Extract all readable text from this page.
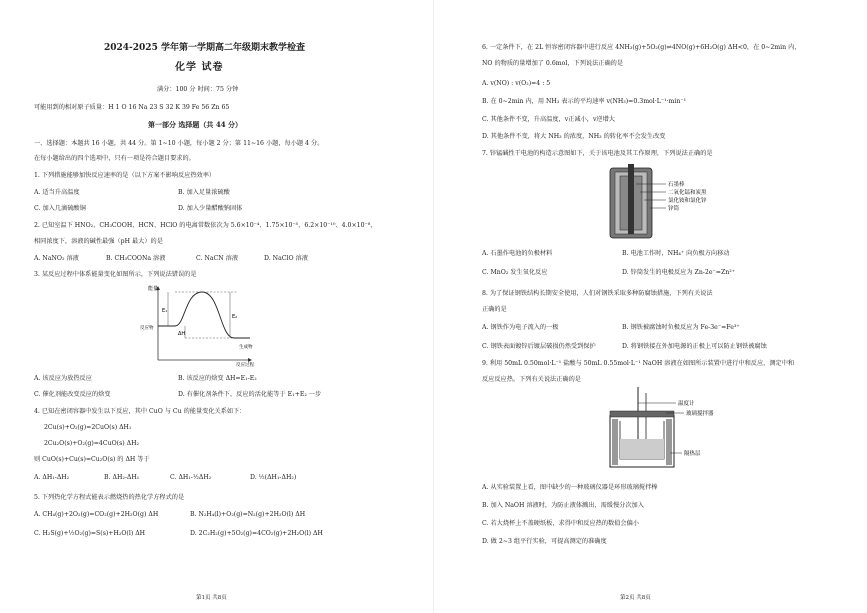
2024-2025 学年第一学期高二年级期末教学检查
化学 试卷
满分：100 分 时间：75 分钟
可能用到的相对原子质量：H 1 O 16 Na 23 S 32 K 39 Fe 56 Zn 65
第一部分 选择题（共 44 分）
一、选择题：本题共 16 小题，共 44 分。第 1~10 小题，每小题 2 分；第 11~16 小题，每小题 4 分。
在每小题给出的四个选项中，只有一项是符合题目要求的。
1. 下列措施能够加快反应速率的是（以下方案不影响反应热效率）
A. 适当升高温度	B. 加入足量浓硫酸
C. 加入几滴硫酸铜	D. 加入少量醋酸钠固体
2. 已知室温下 HNO₂、CH₃COOH、HCN、HClO 的电离常数依次为 5.6×10⁻⁴、1.75×10⁻⁵、6.2×10⁻¹⁰、4.0×10⁻⁸，
相同浓度下，溶液的碱性最强（pH 最大）的是
A. NaNO₂ 溶液	B. CH₃COONa 溶液	C. NaCN 溶液	D. NaClO 溶液
3. 某反应过程中体系能量变化如图所示，下列说法错误的是
能量
反应过程
E₁
E₂
ΔH
反应物
生成物
A. 该反应为放热反应	B. 该反应的焓变 ΔH=E₁-E₂
C. 催化剂能改变反应的焓变	D. 有催化剂条件下，反应的活化能等于 E₁+E₂ 一步
4. 已知在密闭容器中发生以下反应，其中 CuO 与 Cu 的能量变化关系如下：
2Cu(s)+O₂(g)=2CuO(s) ΔH₁
2Cu₂O(s)+O₂(g)=4CuO(s) ΔH₂
则 CuO(s)+Cu(s)=Cu₂O(s) 的 ΔH 等于
A. ΔH₁-ΔH₂	B. ΔH₂-ΔH₁	C. ΔH₁-½ΔH₂	D. ½(ΔH₁-ΔH₂)
5. 下列热化学方程式能表示燃烧热的热化学方程式的是
A. CH₄(g)+2O₂(g)=CO₂(g)+2H₂O(g) ΔH	B. N₂H₄(l)+O₂(g)=N₂(g)+2H₂O(l) ΔH
C. H₂S(g)+½O₂(g)=S(s)+H₂O(l) ΔH	D. 2C₂H₂(g)+5O₂(g)=4CO₂(g)+2H₂O(l) ΔH
第1页 共8页
6. 一定条件下，在 2L 恒容密闭容器中进行反应 4NH₃(g)+5O₂(g)⇌4NO(g)+6H₂O(g) ΔH<0，在 0~2min 内，
NO 的物质的量增加了 0.6mol，下列说法正确的是
A. v(NO) : v(O₂)=4 : 5
B. 在 0~2min 内，用 NH₃ 表示的平均速率 v(NH₃)=0.3mol·L⁻¹·min⁻¹
C. 其他条件不变，升高温度，v正减小，v逆增大
D. 其他条件不变，将大 NH₃ 的浓度，NH₃ 的转化率不会发生改变
7. 锌锰碱性干电池的构造示意图如下，关于该电池及其工作原理，下列说法正确的是
石墨棒
二氧化锰和炭黑
氯化铵和氯化锌
锌筒
A. 石墨作电池的负极材料	B. 电池工作时，NH₄⁺ 向负极方向移动
C. MnO₂ 发生氧化反应	D. 锌筒发生的电极反应为 Zn-2e⁻=Zn²⁺
8. 为了保证钢铁结构长期安全使用，人们对钢铁采取多种防腐蚀措施，下列有关说法
正确的是
A. 钢铁作为电子流入的一极	B. 钢铁被腐蚀时负极反应为 Fe-3e⁻=Fe³⁺
C. 钢铁表面镀锌后镀层破损仍然受到保护	D. 将钢铁接在外加电源的正极上可以防止钢铁被腐蚀
9. 利用 50mL 0.50mol·L⁻¹ 盐酸与 50mL 0.55mol·L⁻¹ NaOH 溶液在如图所示装置中进行中和反应，测定中和
反应反应热。下列有关说法正确的是
温度计
玻璃搅拌器
隔热层
A. 从实验装置上看，图中缺少的一种玻璃仪器是环形玻璃搅拌棒
B. 加入 NaOH 溶液时，为防止液体溅出，需缓慢分次加入
C. 若大烧杯上不盖硬纸板，求得中和反应热的数值会偏小
D. 做 2~3 组平行实验，可提高测定的准确度
第2页 共8页
